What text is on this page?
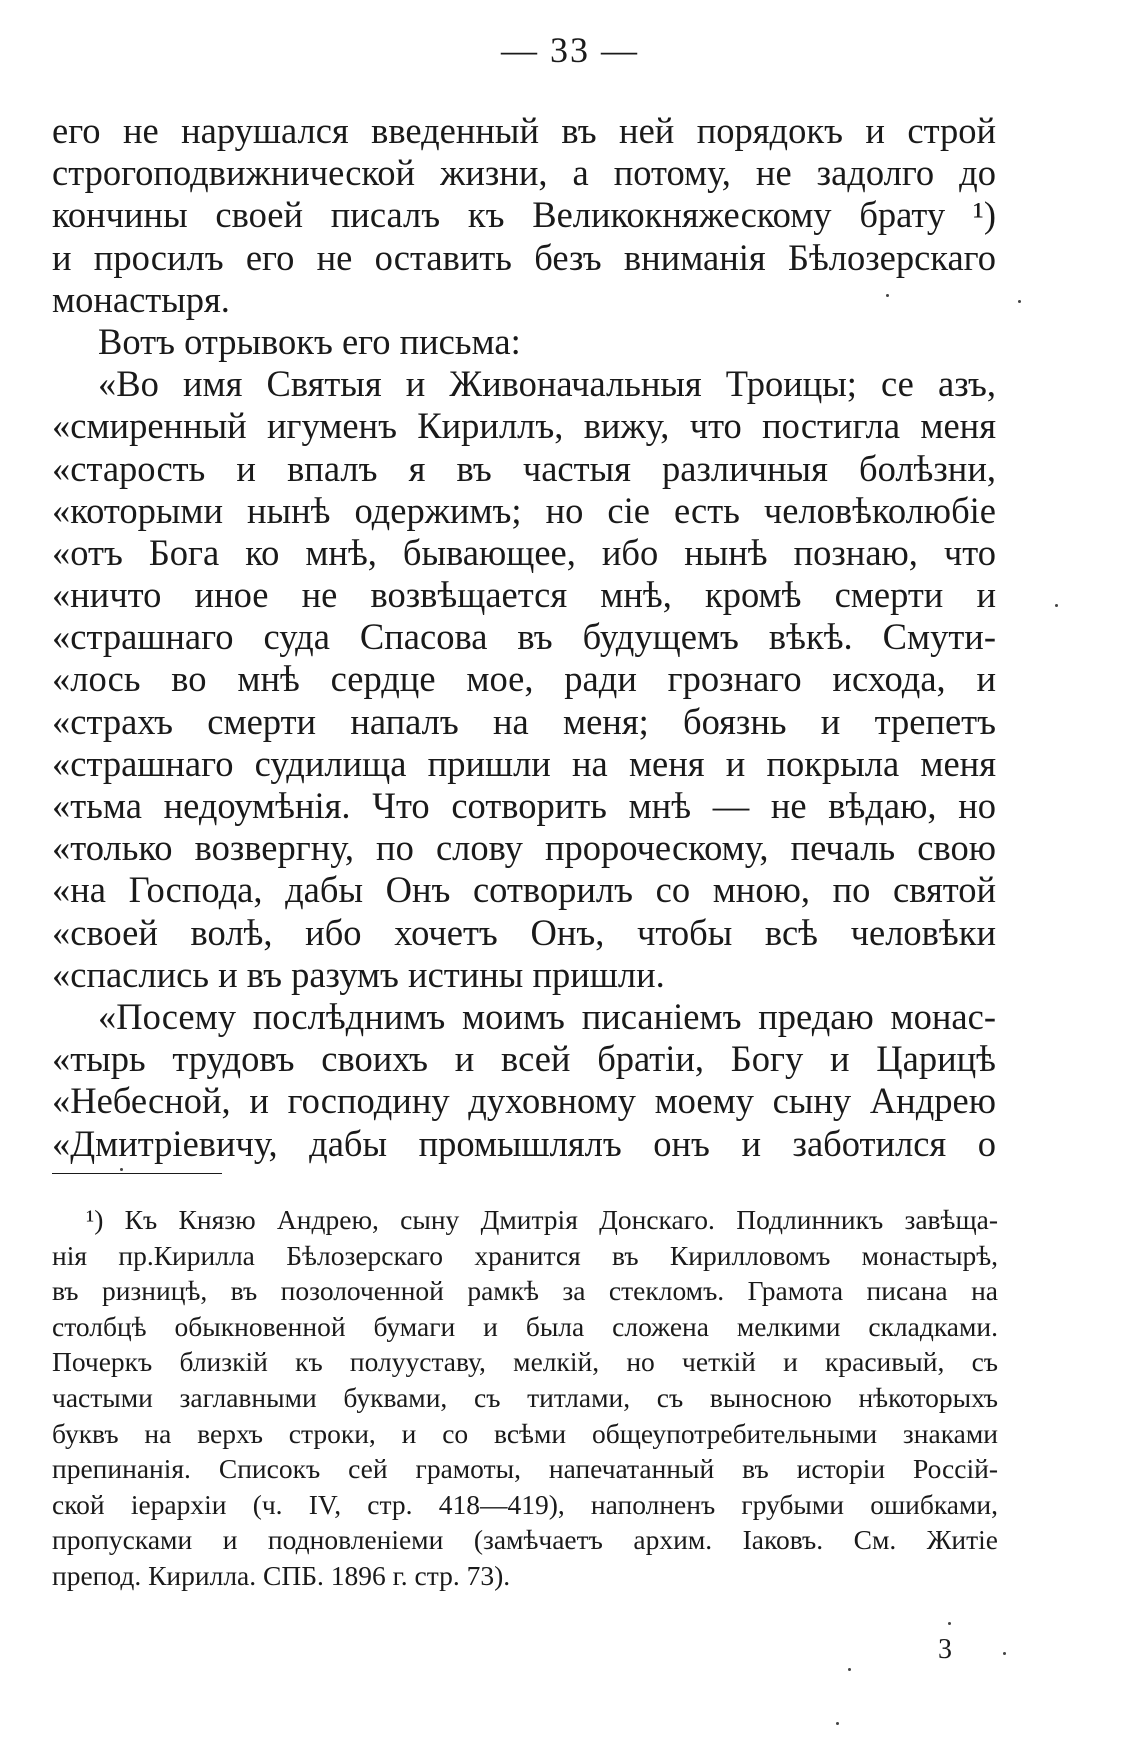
— 33 —
его не нарушался введенный въ ней порядокъ и строй
строгоподвижнической жизни, а потому, не задолго до
кончины своей писалъ къ Великокняжескому брату ¹)
и просилъ его не оставить безъ вниманія Бѣлозерскаго
монастыря.
Вотъ отрывокъ его письма:
«Во имя Святыя и Живоначальныя Троицы; се азъ,
«смиренный игуменъ Кириллъ, вижу, что постигла меня
«старость и впалъ я въ частыя различныя болѣзни,
«которыми нынѣ одержимъ; но сіе есть человѣколюбіе
«отъ Бога ко мнѣ, бывающее, ибо нынѣ познаю, что
«ничто иное не возвѣщается мнѣ, кромѣ смерти и
«страшнаго суда Спасова въ будущемъ вѣкѣ. Смути-
«лось во мнѣ сердце мое, ради грознаго исхода, и
«страхъ смерти напалъ на меня; боязнь и трепетъ
«страшнаго судилища пришли на меня и покрыла меня
«тьма недоумѣнія. Что сотворить мнѣ — не вѣдаю, но
«только возвергну, по слову пророческому, печаль свою
«на Господа, дабы Онъ сотворилъ со мною, по святой
«своей волѣ, ибо хочетъ Онъ, чтобы всѣ человѣки
«спаслись и въ разумъ истины пришли.
«Посему послѣднимъ моимъ писаніемъ предаю монас-
«тырь трудовъ своихъ и всей братіи, Богу и Царицѣ
«Небесной, и господину духовному моему сыну Андрею
«Дмитріевичу, дабы промышлялъ онъ и заботился о
¹) Къ Князю Андрею, сыну Дмитрія Донскаго. Подлинникъ завѣща-
нія пр.Кирилла Бѣлозерскаго хранится въ Кирилловомъ монастырѣ,
въ ризницѣ, въ позолоченной рамкѣ за стекломъ. Грамота писана на
столбцѣ обыкновенной бумаги и была сложена мелкими складками.
Почеркъ близкій къ полууставу, мелкій, но четкій и красивый, съ
частыми заглавными буквами, съ титлами, съ выносною нѣкоторыхъ
буквъ на верхъ строки, и со всѣми общеупотребительными знаками
препинанія. Списокъ сей грамоты, напечатанный въ исторіи Россій-
ской іерархіи (ч. IV, стр. 418—419), наполненъ грубыми ошибками,
пропусками и подновленіеми (замѣчаетъ архим. Іаковъ. См. Житіе
препод. Кирилла. СПБ. 1896 г. стр. 73).
3
